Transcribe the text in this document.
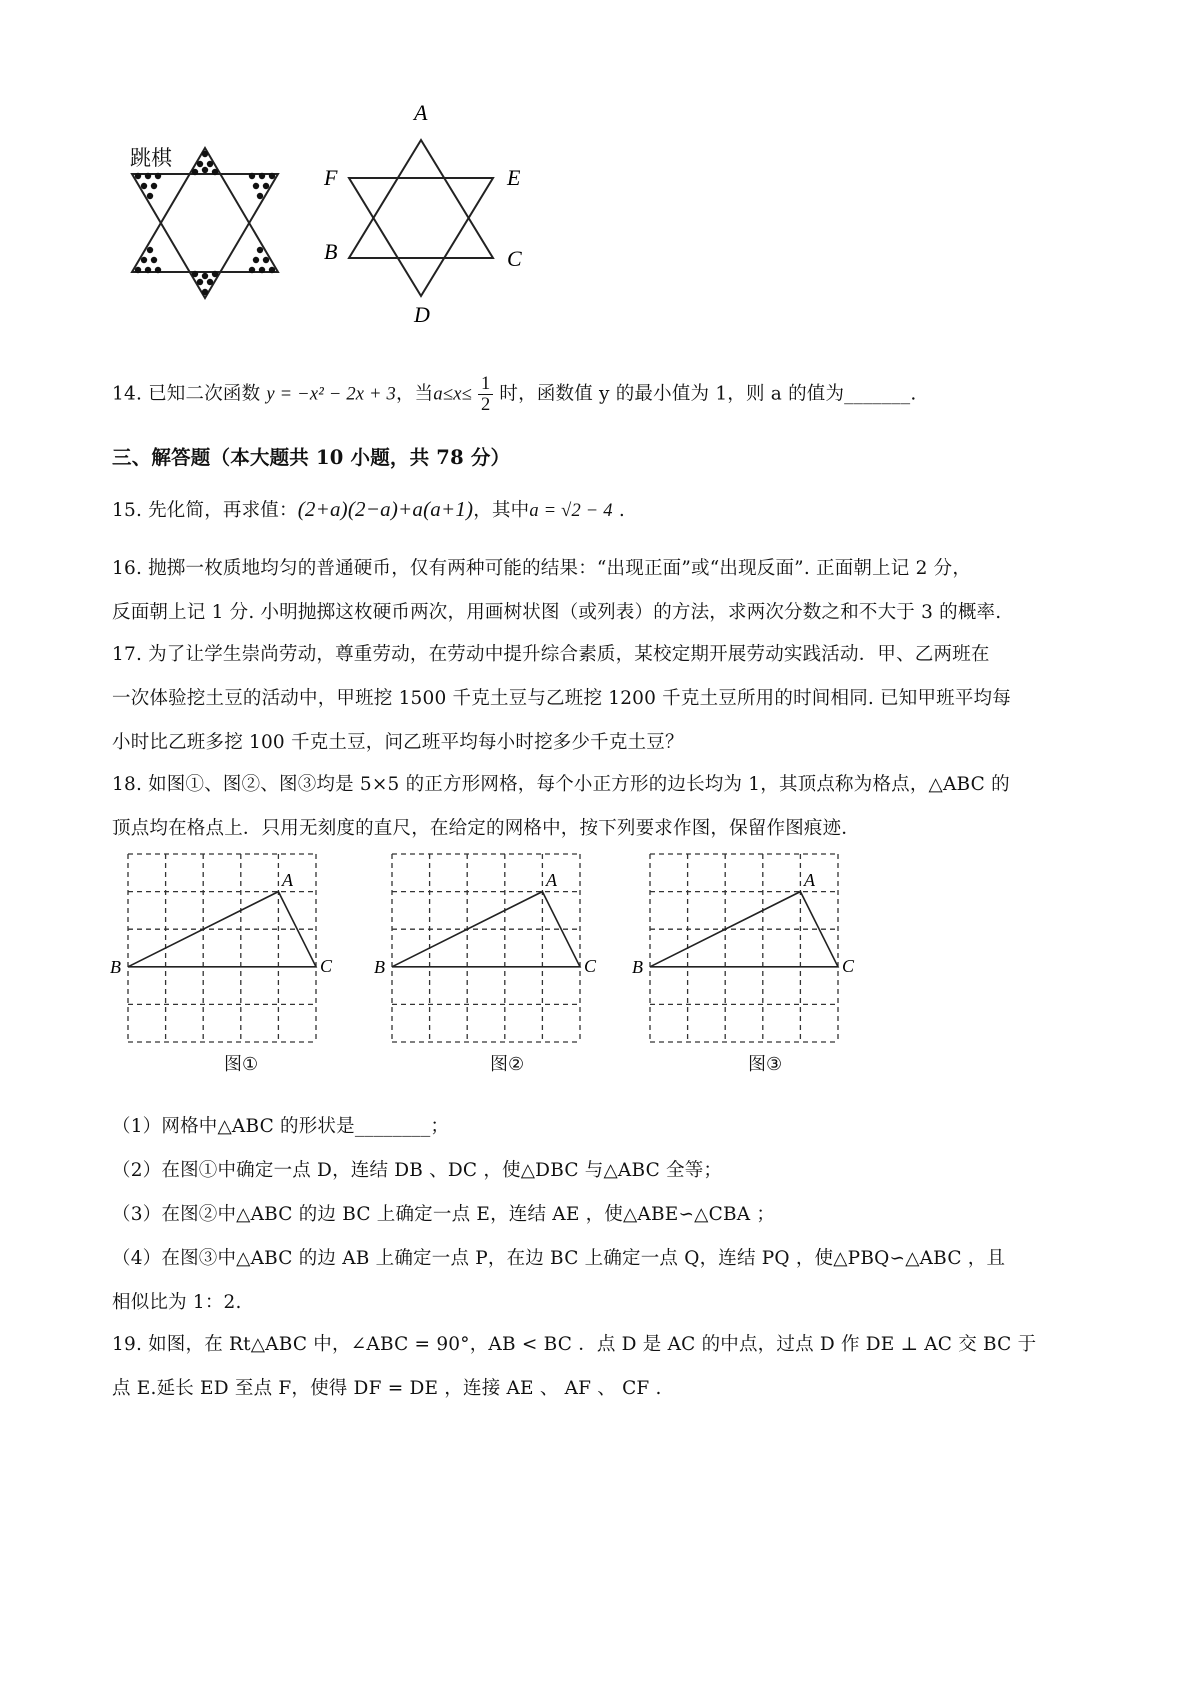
跳棋
A
F	E
B	C
D
14. 已知二次函数 y = −x² − 2x + 3，当$a\le x\le \frac{1}{2}$ 时，函数值 y 的最小值为 1，则 a 的值为_______.
三、解答题（本大题共 10 小题，共 78 分）
15. 先化简，再求值：(2+a)(2−a)+a(a+1)，其中a = √2 − 4 .
16. 抛掷一枚质地均匀的普通硬币，仅有两种可能的结果：“出现正面”或“出现反面”. 正面朝上记 2 分，
反面朝上记 1 分. 小明抛掷这枚硬币两次，用画树状图（或列表）的方法，求两次分数之和不大于 3 的概率.
17. 为了让学生崇尚劳动，尊重劳动，在劳动中提升综合素质，某校定期开展劳动实践活动．甲、乙两班在
一次体验挖土豆的活动中，甲班挖 1500 千克土豆与乙班挖 1200 千克土豆所用的时间相同. 已知甲班平均每
小时比乙班多挖 100 千克土豆，问乙班平均每小时挖多少千克土豆？
18. 如图①、图②、图③均是 5×5 的正方形网格，每个小正方形的边长均为 1，其顶点称为格点，△ABC 的
顶点均在格点上．只用无刻度的直尺，在给定的网格中，按下列要求作图，保留作图痕迹．
A
B	C
图①
A
B	C
图②
A
B	C
图③
（1）网格中△ABC 的形状是________；
（2）在图①中确定一点 D，连结 DB 、DC ，使△DBC 与△ABC 全等；
（3）在图②中△ABC 的边 BC 上确定一点 E，连结 AE ，使△ABE∽△CBA ；
（4）在图③中△ABC 的边 AB 上确定一点 P，在边 BC 上确定一点 Q，连结 PQ ，使△PBQ∽△ABC ，且
相似比为 1：2.
19. 如图，在 Rt△ABC 中，∠ABC = 90°，AB < BC ．点 D 是 AC 的中点，过点 D 作 DE ⊥ AC 交 BC 于
点 E.延长 ED 至点 F，使得 DF = DE ，连接 AE 、 AF 、 CF .
